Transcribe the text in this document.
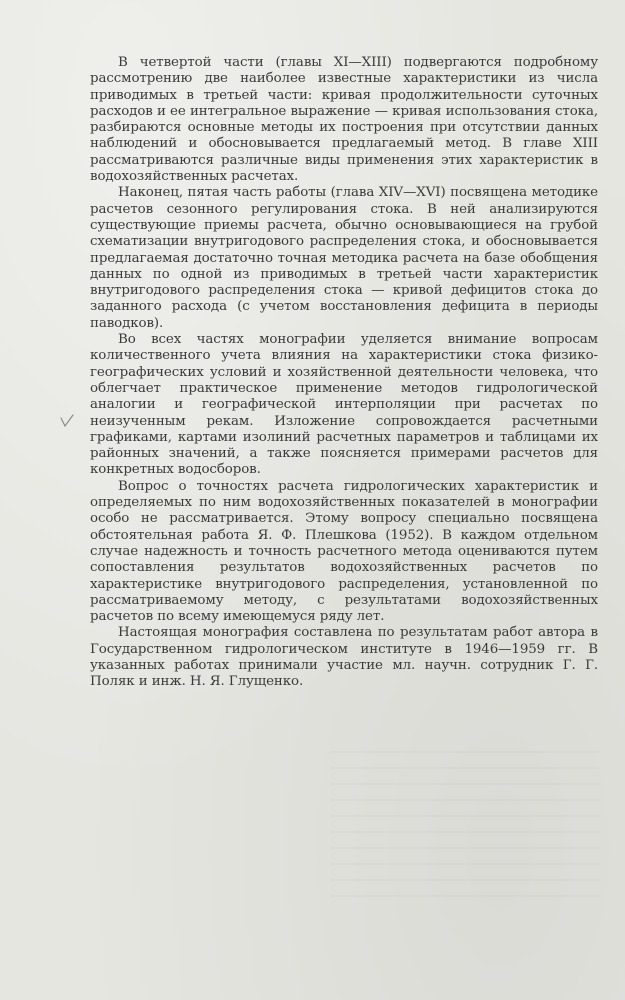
В четвертой части (главы XI—XIII) подвергаются подробному рассмотрению две наиболее известные характеристики из числа приводимых в третьей части: кривая продолжительности суточных расходов и ее интегральное выражение — кривая использования стока, разбираются основные методы их построения при отсутствии данных наблюдений и обосновывается предлагаемый метод. В главе XIII рассматриваются различные виды применения этих характеристик в водохозяйственных расчетах.

Наконец, пятая часть работы (глава XIV—XVI) посвящена методике расчетов сезонного регулирования стока. В ней анализируются существующие приемы расчета, обычно основывающиеся на грубой схематизации внутригодового распределения стока, и обосновывается предлагаемая достаточно точная методика расчета на базе обобщения данных по одной из приводимых в третьей части характеристик внутригодового распределения стока — кривой дефицитов стока до заданного расхода (с учетом восстановления дефицита в периоды паводков).

Во всех частях монографии уделяется внимание вопросам количественного учета влияния на характеристики стока физико-географических условий и хозяйственной деятельности человека, что облегчает практическое применение методов гидрологической аналогии и географической интерполяции при расчетах по неизученным рекам. Изложение сопровождается расчетными графиками, картами изолиний расчетных параметров и таблицами их районных значений, а также поясняется примерами расчетов для конкретных водосборов.

Вопрос о точностях расчета гидрологических характеристик и определяемых по ним водохозяйственных показателей в монографии особо не рассматривается. Этому вопросу специально посвящена обстоятельная работа Я. Ф. Плешкова (1952). В каждом отдельном случае надежность и точность расчетного метода оцениваются путем сопоставления результатов водохозяйственных расчетов по характеристике внутригодового распределения, установленной по рассматриваемому методу, с результатами водохозяйственных расчетов по всему имеющемуся ряду лет.

Настоящая монография составлена по результатам работ автора в Государственном гидрологическом институте в 1946—1959 гг. В указанных работах принимали участие мл. научн. сотрудник Г. Г. Поляк и инж. Н. Я. Глущенко.
